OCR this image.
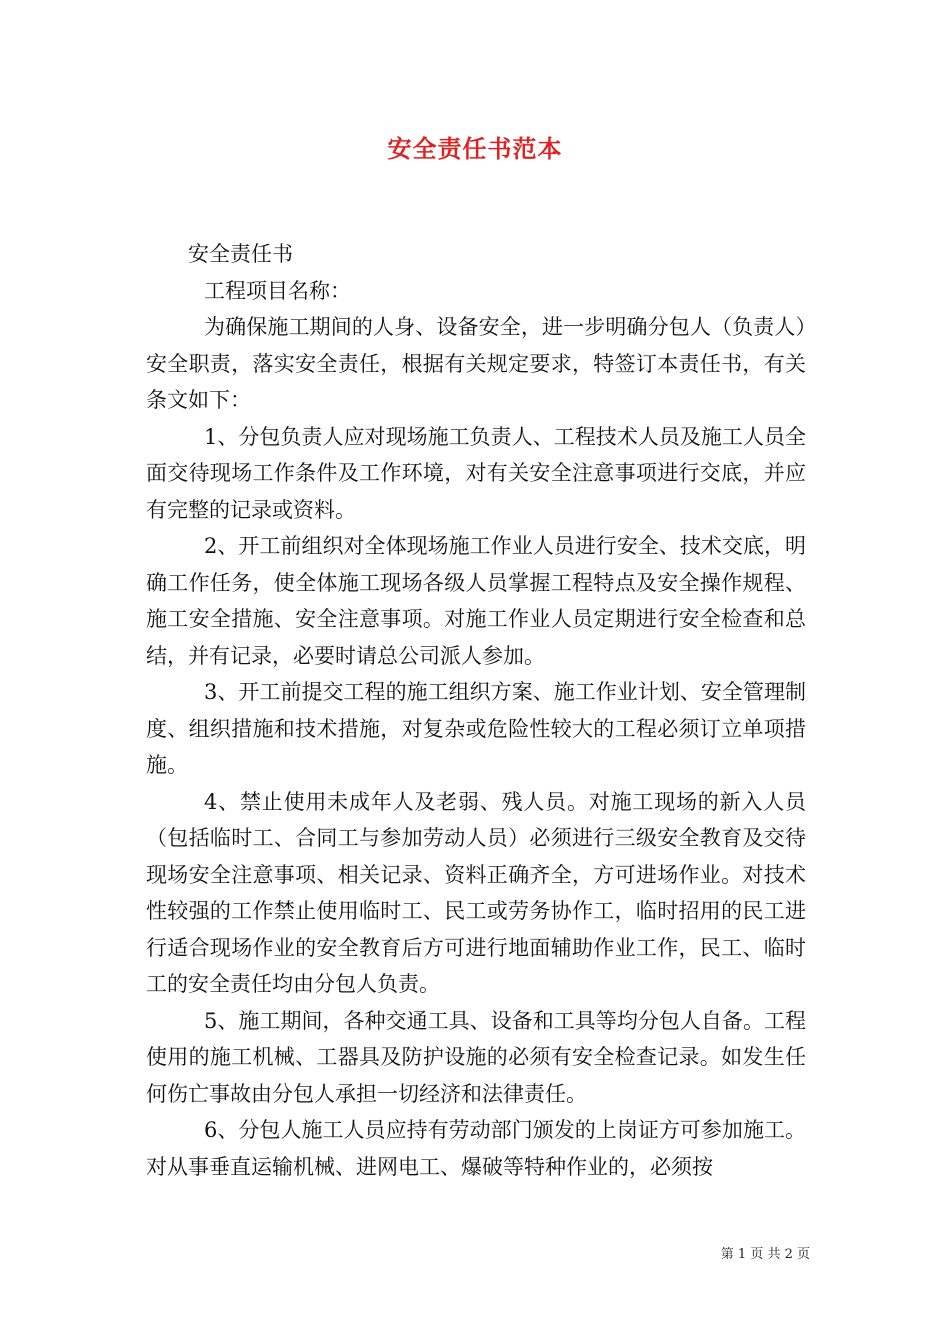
安全责任书范本

安全责任书

工程项目名称：

为确保施工期间的人身、设备安全，进一步明确分包人（负责人）安全职责，落实安全责任，根据有关规定要求，特签订本责任书，有关条文如下：

1、分包负责人应对现场施工负责人、工程技术人员及施工人员全面交待现场工作条件及工作环境，对有关安全注意事项进行交底，并应有完整的记录或资料。

2、开工前组织对全体现场施工作业人员进行安全、技术交底，明确工作任务，使全体施工现场各级人员掌握工程特点及安全操作规程、施工安全措施、安全注意事项。对施工作业人员定期进行安全检查和总结，并有记录，必要时请总公司派人参加。

3、开工前提交工程的施工组织方案、施工作业计划、安全管理制度、组织措施和技术措施，对复杂或危险性较大的工程必须订立单项措施。

4、禁止使用未成年人及老弱、残人员。对施工现场的新入人员（包括临时工、合同工与参加劳动人员）必须进行三级安全教育及交待现场安全注意事项、相关记录、资料正确齐全，方可进场作业。对技术性较强的工作禁止使用临时工、民工或劳务协作工，临时招用的民工进行适合现场作业的安全教育后方可进行地面辅助作业工作，民工、临时工的安全责任均由分包人负责。

5、施工期间，各种交通工具、设备和工具等均分包人自备。工程使用的施工机械、工器具及防护设施的必须有安全检查记录。如发生任何伤亡事故由分包人承担一切经济和法律责任。

6、分包人施工人员应持有劳动部门颁发的上岗证方可参加施工。对从事垂直运输机械、进网电工、爆破等特种作业的，必须按

第 1 页 共 2 页
